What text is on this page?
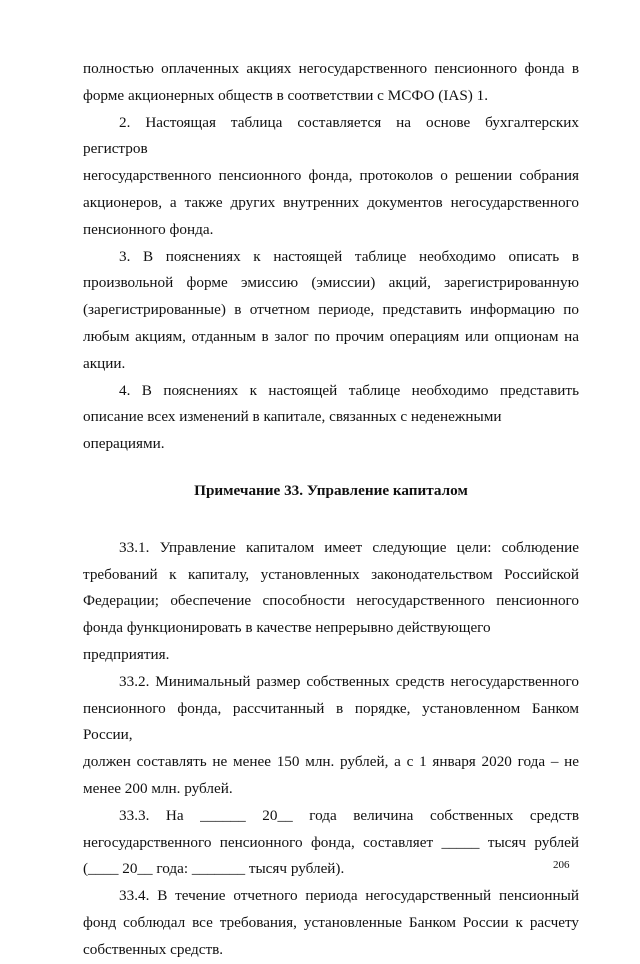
полностью оплаченных акциях негосударственного пенсионного фонда в

форме акционерных обществ в соответствии с МСФО (IAS) 1.

2. Настоящая таблица составляется на основе бухгалтерских регистров

негосударственного пенсионного фонда, протоколов о решении собрания

акционеров, а также других внутренних документов негосударственного

пенсионного фонда.

3. В пояснениях к настоящей таблице необходимо описать в

произвольной форме эмиссию (эмиссии) акций, зарегистрированную

(зарегистрированные) в отчетном периоде, представить информацию по

любым акциям, отданным в залог по прочим операциям или опционам на

акции.

4. В пояснениях к настоящей таблице необходимо представить

описание всех изменений в капитале, связанных с неденежными операциями.

Примечание 33. Управление капиталом

33.1. Управление капиталом имеет следующие цели: соблюдение

требований к капиталу, установленных законодательством Российской

Федерации; обеспечение способности негосударственного пенсионного

фонда функционировать в качестве непрерывно действующего предприятия.

33.2. Минимальный размер собственных средств негосударственного

пенсионного фонда, рассчитанный в порядке, установленном Банком России,

должен составлять не менее 150 млн. рублей, а с 1 января 2020 года – не

менее 200 млн. рублей.

33.3. На ______ 20__ года величина собственных средств

негосударственного пенсионного фонда, составляет _____ тысяч рублей

(____ 20__ года: _______ тысяч рублей).

33.4. В течение отчетного периода негосударственный пенсионный

фонд соблюдал все требования, установленные Банком России к расчету

собственных средств.

206
